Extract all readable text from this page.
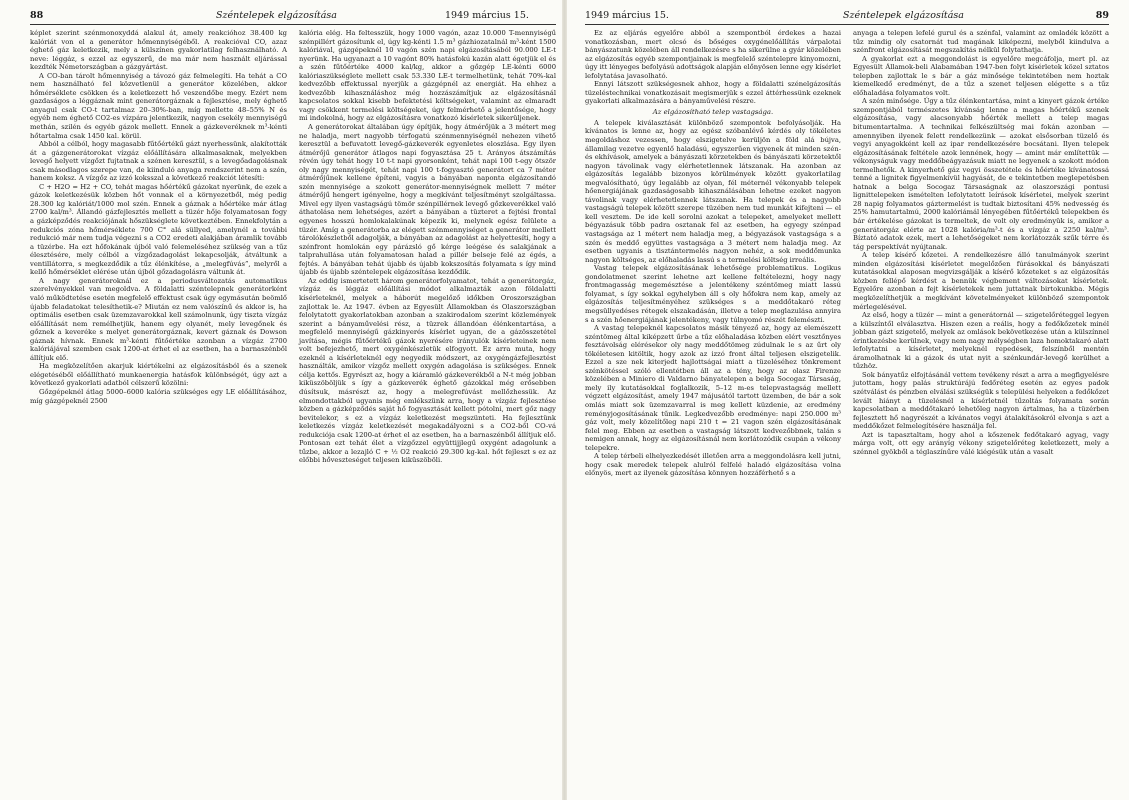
88	Széntelepek elgázosítása	1949 március 15.

képlet szerint szénmonoxyddá alakul át, amely reakcióhoz 38.400 kg kalóriát von el a generátor hőmennyiségéből. A reakcióval CO, azaz éghető gáz keletkezik, mely a külszínen gyakorlatilag felhasználható. A neve: léggáz, s ezzel az egyszerű, de ma már nem használt eljárással kezdték Németországban a gázgyártást.

A CO-ban tárolt hőmennyiség a távozó gáz felmelegíti. Ha tehát a CO nem használható fel közvetlenül a generátor közelében, akkor hőmérséklete csökken és a keletkezett hő veszendőbe megy. Ezért nem gazdaságos a léggáznak mint generátorgáznak a fejlesztése, mely éghető anyagul csak CO-t tartalmaz 20–30%-ban, míg mellette 48–55% N és egyéb nem éghető CO2-es vízpára jelentkezik, nagyon csekély mennyiségű methán, szilén és egyéb gázok mellett. Ennek a gázkeveréknek m³-kénti hőtartalma csak 1450 kal. körül.

Abból a célból, hogy magasabb fűtőértékű gázt nyerhessünk, alakították át a gázgenerátorokat vízgáz előállítására alkalmasaknak, melyekben levegő helyett vízgőzt fujtatnak a szénen keresztül, s a levegőadagolásnak csak másodlagos szerepe van, de kiinduló anyaga rendszerint nem a szén, hanem koksz. A vízgőz az izzó koksszal a következő reakciót létesíti:

C + H2O = H2 + CO, tehát magas hőértékű gázokat nyerünk, de ezek a gázok keletkezésük közben hőt vonnak el a környezetből, még pedig 28.300 kg kalóriát/1000 mol szén. Ennek a gáznak a hőértéke már átlag 2700 kal/m³. Állandó gázfejlesztés mellett a tüzér hője folyamatosan fogy a gázképződés reakciójának hőszükséglete következtében. Ennekfolytán a redukciós zóna hőmérséklete 700 C° alá süllyed, amelynél a további redukció már nem tudja végezni s a CO2 eredeti alakjában áramlik tovább a tüzérbe. Ha ezt hőfokának újból való felemeléséhez szükség van a tűz élesztésére, mely célból a vízgőzadagolást lekapcsolják, átváltunk a ventillátorra, s megkezdődik a tűz élénkítése, a „melegfúvás”, melyről a kellő hőmérséklet elérése után újból gőzadagolásra váltunk át.

A nagy generátoroknál ez a periodusváltozatás automatikus szerelvényekkel van megoldva. A földalatti széntelepnek generátorként való működtetése esetén megfelelő effektust csak úgy egymásután beömlő újabb feladatokat telesíthetik-e? Miután ez nem valószínű és akkor is, ha optimális esetben csak üzemzavarokkal kell számolnunk, úgy tiszta vízgáz előállítását nem remélhetjük, hanem egy olyanét, mely levegőnek és gőznek a keveréke s melyet generátorgáznak, kevert gáznak és Dowson gáznak hívnak. Ennek m³-kénti fűtőértéke azonban a vízgáz 2700 kalóriájával szemben csak 1200-at érhet el az esetben, ha a barnaszénből állítjuk elő.

Ha megközelítően akarjuk kiértékelni az elgázosításból és a szenek elégetéséből előállítható munkaenergia hatásfok különbségét, úgy azt a következő gyakorlati adatból célszerű közölni:

Gőzgépeknél átlag 5000–6000 kalória szükséges egy LE előállításához, míg gázgépeknél 2500

kalória elég. Ha feltesszük, hogy 1000 vagón, azaz 10.000 T-mennyiségű szénpillért gázosítunk el, úgy kg-kénti 1.5 m³ gázhiozatalnál m³-ként 1500 kalóriával, gázgépeknél 10 vagón szén napi elgázosításából 90.000 LE-t nyerünk. Ha ugyanazt a 10 vagónt 80% hatásfokú kazán alatt égetjük el és a szén fűtőértéke 4000 kal/kg, akkor a gőzgép LE-kénti 6000 kalóriaszükséglete mellett csak 53.330 LE-t termelhetünk, tehát 70%-kal kedvezőbb effektussal nyerjük a gázgépnél az energiát. Ha ehhez a kedvezőbb kihasználáshoz még hozzászámítjuk az elgázosításnál kapcsolatos sokkal kisebb befektetési költségeket, valamint az elmaradt vagy csökkent termelési költségeket, úgy felmérhető a jelentősége, hogy mi indokolná, hogy az elgázosításra vonatkozó kísérletek sikerüljenek.

A generátorokat általában úgy építjük, hogy átmérőjük a 3 métert meg ne haladja, mert nagyobb térfogatú szénmennyiségnél nehezen vihető keresztül a befuvatott levegő-gázkeverék egyenletes eloszlása. Egy ilyen átmérőjű generátor átlagos napi fogyasztása 25 t. Arányos átszámítás révén úgy tehát hogy 10 t-t napi gyorsonként, tehát napi 100 t-egy ötször oly nagy mennyiségét, tehát napi 100 t-fogyasztó generátort ca 7 méter átmérőjűnek kellene építeni, vagyis a bányában naponta elgázosítandó szén mennyisége a szokott generátor-mennyiségnek mellett 7 méter átmérőjű hengert igényelne, hogy a megkívánt teljesítményt szolgáltassa. Mivel egy ilyen vastagságú tömör szénpillérnek levegő gőzkeverékkel való áthatolása nem lehetséges, azért a bányában a tüzteret a fejtési frontal egyenes hosszú homlokalakúnak képezik ki, melynek egész felülete a tüzér. Amíg a generátorba az elégett szénmennyiséget a generátor mellett tárolókészletből adagolják, a bányában az adagolást az helyettesíti, hogy a szénfront homlokán egy párázsló gő kérge leégése és salakjának a talprahullása után folyamatosan halad a pillér belseje felé az égés, a fejtés. A bányában tehát újabb és újabb kokszosítás folyamata s így mind újabb és újabb széntelepek elgázosítása kezdődik.

Az eddig ismertetett három generátorfolyamatot, tehát a generátorgáz, vízgáz és léggáz előállítási módot alkalmazták azon földalatti kísérleteknél, melyek a háborút megelőző időkben Oroszországban zajlottak le. Az 1947. évben az Egyesült Államokban és Olaszországban felolytatott gyakorlatokban azonban a szakirodalom szerint közlemények szerint a bányaművelési rész, a tüzrek állandóan élénkentartása, a megfelelő mennyiségű gázkinyerés kísérlet ugyan, de a gázösszetétel javítása, mégis fűtőértékű gázok nyerésére irányulók kísérleteinek nem volt befejezhető, mert oxygénkészletük elfogyott. Ez arra muta, hogy ezeknél a kísérleteknél egy negyedik módszert, az oxygéngázfejlesztést használták, amikor vízgőz mellett oxygén adagolása is szükséges. Ennek célja kettős. Egyrészt az, hogy a kiáramló gázkeverékből a N-t még jobban kiküszöböljük s így a gázkeverék éghető gázokkal még erősebben dúsítsuk, másrészt az, hogy a melegrefúvást mellőzhessük. Az elmondottakból ugyanis még emlékszünk arra, hogy a vízgáz fejlesztése közben a gázképződés saját hő fogyasztását kellett pótolni, mert gőz nagy bevitelekor, s ez a vízgáz keletkezést megszünteti. Ha fejlesztünk keletkezés vízgáz keletkezését megakadályozni s a CO2-ből CO-vá redukciója csak 1200-at érhet el az esetben, ha a barnaszénből állítjuk elő. Pontosan ezt tehát élet a vízgőzzel együttijjlegű oxygént adagolunk a tűzbe, akkor a lezajló C + ½ O2 reakció 29.300 kg-kal. hőt fejleszt s ez az előbbi hőveszteséget teljesen kiküszöböli.

1949 március 15.	Széntelepek elgázosítása	89

Ez az eljárás egyelőre abból a szempontból érdekes a hazai vonatkozásban, mert olcsó és bőséges oxygénelőállítás várpalotai bányászatunk közelében áll rendelkezésre s ha sikerülne a gyár közelében az elgázosítás egyéb szempontjainak is megfelelő széntelepre kinyomozni, úgy itt lényeges befolyású adottságok alapján előnyösen lenne egy kísérlet lefolytatása javasolható.

Ennyi látszott szükségesnek ahhoz, hogy a földalatti szénelgázosítás tüzeléstechnikai vonatkozásait megismerjük s ezzel áttérhessünk ezeknek gyakorlati alkalmazására a bányaművelési részre.

Az elgázosítható telep vastagsága.

A telepek kiválasztását különböző szempontok befolyásolják. Ha kívánatos is lenne az, hogy az egész szóbanlévő kérdés oly tökéletes megoldáshoz vezessen, hogy elszigetelve kerüljön a föld alá bújva, államilag vezetve egyenlő haladású, egyszerűen vigyenek át minden szén-és ekhívások, amelyek a bányászati körzetekben és bányászati körzetektől nagyon távolinak vagy elérhetetlennek látszanak. Ha azonban az elgázosítás legalább bizonyos körülmények között gyakorlatilag megvalósítható, úgy legalább az olyan, fél méternél vékonyabb telepek hőenergiájának gazdaságosabb kihasználásában lehetne ezeket nagyon távolinak vagy elérhetetlennek látszanak. Ha telepek és a nagyobb vastagságú telepek között szerepe tüzében nem tud munkát kifejteni — el kell vesztem. De ide kell sorolni azokat a telepeket, amelyeket mellett bégyazásuk több padra osztanak fel az esetben, ha egyegy szénpad vastagsága az 1 métert nem haladja meg, a bégyazások vastagsága s a szén és meddő együttes vastagsága a 3 métert nem haladja meg. Az esetben ugyanis a tisztántermelés nagyon nehéz, a sok meddőmunka nagyon költséges, az előhaladás lassú s a termelési költség irreális.

Vastag telepek elgázosításának lehetősége problematikus. Logikus gondolatmenet szerint lehetne azt kellene feltételezni, hogy nagy frontmagasság megemésztése a jelentékeny széntömeg miatt lassú folyamat, s így sokkal egyhelyben áll s oly hőfokra nem kap, amely az elgázosítás teljesítményéhez szükséges s a meddőtakaró réteg megsüllyedéses rétegek elszakadásán, illetve a telep meglazulása annyira s a szén hőenergiájának jelentékeny, vagy túlnyomó részét felemészti.

A vastag telepeknél kapcsolatos másik tényező az, hogy az elemészett széntömeg által kiképzett űrbe a tűz előhaladása közben elért vesztőnyes fesztávolság elérésekor oly nagy meddőtömeg zúdulnak le s az űrt oly tökéletesen kitöltik, hogy azok az izzó front által teljesen elszigetelik. Ezzel a sze nek kiterjedt hajlottságai miatt a tüzeléséhez tönkrement szénkötéssel szóló ellentétben áll az a tény, hogy az olasz Firenze közelében a Miniero di Valdarno bányatelepen a belga Socogaz Társaság, mely ily kutatásokkal foglalkozik, 5–12 m-es telepvastagság mellett végzett elgázosítást, amely 1947 májusától tartott üzemben, de bár a sok omlás miatt sok üzemzavarral is meg kellett küzdenie, az eredmény reményjogosításának tűnik. Legkedvezőbb eredménye: napi 250.000 m³ gáz volt, mely közelítőleg napi 210 t = 21 vagon szén elgázosításának felel meg. Ebben az esetben a vastagság látszott kedvezőbbnek, talán s nemigen annak, hogy az elgázosításnál nem korlátozódik csupán a vékony telepekre.

A telep térbeli elhelyezkedését illetően arra a meggondolásra kell jutni, hogy csak meredek telepek alulról felfelé haladó elgázosítása volna előnyös, mert az ilyenek gázosítása könnyen hozzáférhető s a

anyaga a telepen lefelé gurul és a szénfal, valamint az omladék között a tűz mindig oly csatornát tud magának kiképezni, melyből kiindulva a szénfront elgázosítását megszakítás nélkül folytathatja.

A gyakorlat ezt a meggondolást is egyelőre megcáfolja, mert pl. az Egyesült Államok-beli Alabamában 1947-ben folyt kísérletek közel sztatos telepben zajlottak le s bár a gáz minősége tekintetében nem hoztak kiemelkedő eredményt, de a tűz a szenet teljesen elégette s a tűz előhaladása folyamatos volt.

A szén minősége. Úgy a tűz élénkentartása, mint a kinyert gázok értéke szempontjából természetes kívánság lenne a magas hőértékű szenek elgázosítása, vagy alacsonyabb hőérték mellett a telep magas bitumentartalma. A technikai felkészültség mai fokán azonban — amennyiben ilyenek felett rendelkezünk — azokat elsősorban tüzelő és vegyi anyagokként kell az ipar rendelkezésére bocsátani. Ilyen telepek elgázosításának feltétele azok lennének, hogy — amint már említettük — vékonyságuk vagy meddőbeágyazásuk miatt ne legyenek a szokott módon termelhetők. A kinyerhető gáz vegyi összetétele és hőértéke kívánatossá tenné a lignitek figyelmenkívül hagyását, de e tekintetben meglepetésben hatnak a belga Socogaz Társaságnak az olaszországi pontusi lignittelepeken ismételten lefolytatott leírások kísérletei, melyek szerint 28 napig folyamatos gáztermelést is tudtak biztosítani 45% nedvesség és 25% hamutartalmú, 2000 kalóriámál lényegében fűtőértékű telepekben és bár értékelése gázokat is termeltek, de volt oly eredményük is, amikor a generátorgáz elérte az 1028 kalória/m³-t és a vízgáz a 2250 kal/m³. Bíztató adatok ezek, mert a lehetőségeket nem korlátozzák szűk térre és tág perspektívát nyújtanak.

A telep kísérő kőzetei. A rendelkezésre álló tanulmányok szerint minden elgázosítási kísérletet megelőzően fúrásokkal és bányászati kutatásokkal alaposan megvizsgálják a kísérő kőzeteket s az elgázosítás közben fellépő kérdést a bennük végbement változásokat kísérletek. Egyelőre azonban a fejt kísérletekek nem juttatnak birtokunkba. Mégis megközelíthetjük a megkívánt követelményeket különböző szempontok mérlegelésével.

Az első, hogy a tüzér — mint a generátornál — szigetelőréteggel legyen a külszíntől elválasztva. Hiszen ezen a reális, hogy a fedőkőzetek minél jobban gázt szigetelő, melyek az omlások bekövetkezése után a külszínnel érintkezésbe kerülnek, vagy nem nagy mélységben laza homoktakaró alatt lefolytatni a kísérletet, melyeknél repedések, felszínből mentén áramolhatnak ki a gázok és utat nyit a szénkundár-levegő kerülhet a tűzhöz.

Sok bányatűz elfojtásánál vettem tevékeny részt a arra a megfigyelésre jutottam, hogy palás struktúrájú fedőréteg esetén az egyes padok szétválást és pénzben elválási szükségük s települési helyeken a fedőkőzet levált hiányt a tüzelésnél a kísérletnél tűzoltás folyamata során kapcsolatban a meddőtakaró lehetőleg nagyon ártalmas, ha a tüzérben fejlesztett hő nagyrészét a kívánatos vegyi átalakításokról elvonja s azt a meddőkőzet felmelegítésére használja fel.

Azt is tapasztaltam, hogy ahol a kőszenek fedőtakaró agyag, vagy márga volt, ott egy arányíg vékony szigetelőréteg keletkezett, mely a szénnel gyökből a téglaszínűre válé kiégésük után a vasalt
